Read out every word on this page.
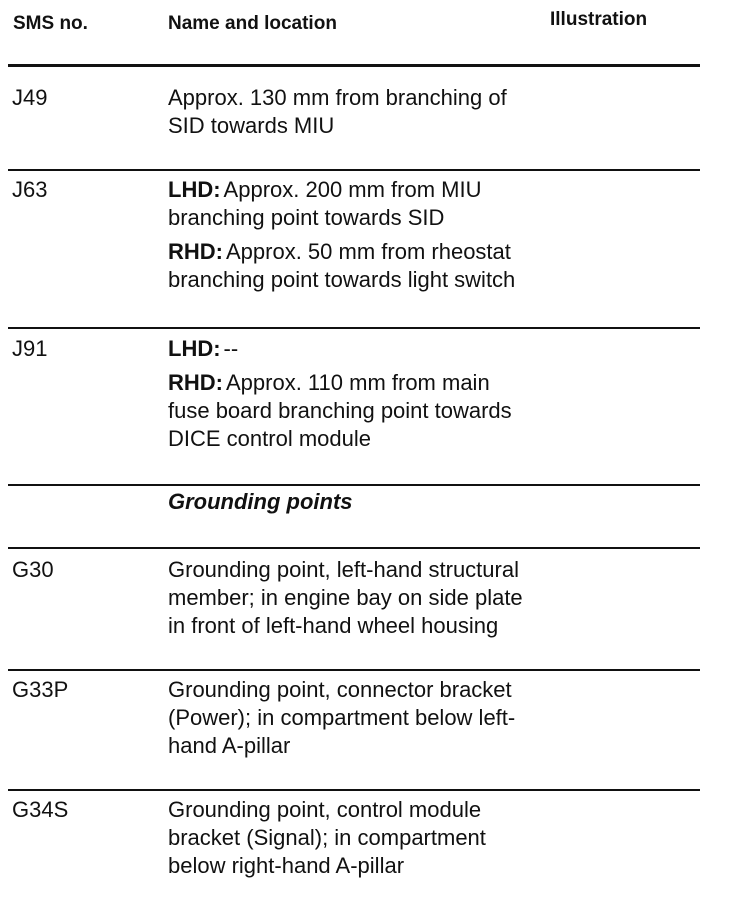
SMS no.	Name and location	Illustration
J49	Approx. 130 mm from branching of
SID towards MIU
J63	LHD: Approx. 200 mm from MIU
branching point towards SID
RHD: Approx. 50 mm from rheostat
branching point towards light switch
J91	LHD: --
RHD: Approx. 110 mm from main
fuse board branching point towards
DICE control module
Grounding points
G30	Grounding point, left-hand structural
member; in engine bay on side plate
in front of left-hand wheel housing
G33P	Grounding point, connector bracket
(Power); in compartment below left-
hand A-pillar
G34S	Grounding point, control module
bracket (Signal); in compartment
below right-hand A-pillar
